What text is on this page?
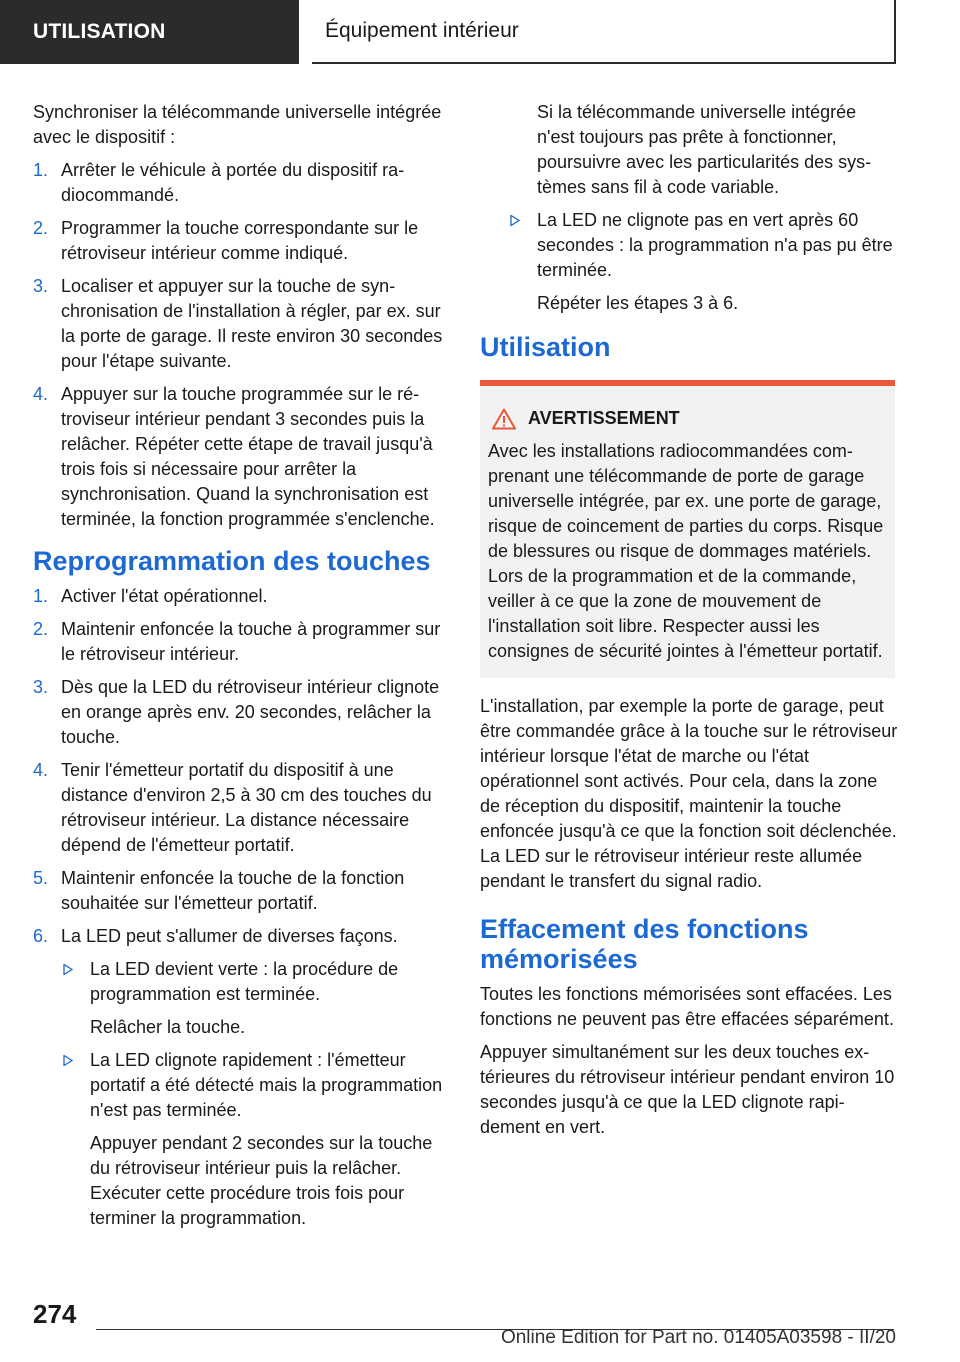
UTILISATION	Équipement intérieur

Synchroniser la télécommande universelle intégrée avec le dispositif :

1. Arrêter le véhicule à portée du dispositif radiocommandé.
2. Programmer la touche correspondante sur le rétroviseur intérieur comme indiqué.
3. Localiser et appuyer sur la touche de synchronisation de l'installation à régler, par ex. sur la porte de garage. Il reste environ 30 secondes pour l'étape suivante.
4. Appuyer sur la touche programmée sur le rétroviseur intérieur pendant 3 secondes puis la relâcher. Répéter cette étape de travail jusqu'à trois fois si nécessaire pour arrêter la synchronisation. Quand la synchronisation est terminée, la fonction programmée s'enclenche.
Reprogrammation des touches
1. Activer l'état opérationnel.
2. Maintenir enfoncée la touche à programmer sur le rétroviseur intérieur.
3. Dès que la LED du rétroviseur intérieur clignote en orange après env. 20 secondes, relâcher la touche.
4. Tenir l'émetteur portatif du dispositif à une distance d'environ 2,5 à 30 cm des touches du rétroviseur intérieur. La distance nécessaire dépend de l'émetteur portatif.
5. Maintenir enfoncée la touche de la fonction souhaitée sur l'émetteur portatif.
6. La LED peut s'allumer de diverses façons.
La LED devient verte : la procédure de programmation est terminée.

Relâcher la touche.

La LED clignote rapidement : l'émetteur portatif a été détecté mais la programmation n'est pas terminée.

Appuyer pendant 2 secondes sur la touche du rétroviseur intérieur puis la relâcher. Exécuter cette procédure trois fois pour terminer la programmation.

Si la télécommande universelle intégrée n'est toujours pas prête à fonctionner, poursuivre avec les particularités des systèmes sans fil à code variable.

La LED ne clignote pas en vert après 60 secondes : la programmation n'a pas pu être terminée.

Répéter les étapes 3 à 6.

Utilisation
AVERTISSEMENT
Avec les installations radiocommandées comprenant une télécommande de porte de garage universelle intégrée, par ex. une porte de garage, risque de coincement de parties du corps. Risque de blessures ou risque de dommages matériels. Lors de la programmation et de la commande, veiller à ce que la zone de mouvement de l'installation soit libre. Respecter aussi les consignes de sécurité jointes à l'émetteur portatif.

L'installation, par exemple la porte de garage, peut être commandée grâce à la touche sur le rétroviseur intérieur lorsque l'état de marche ou l'état opérationnel sont activés. Pour cela, dans la zone de réception du dispositif, maintenir la touche enfoncée jusqu'à ce que la fonction soit déclenchée. La LED sur le rétroviseur intérieur reste allumée pendant le transfert du signal radio.

Effacement des fonctions mémorisées

Toutes les fonctions mémorisées sont effacées. Les fonctions ne peuvent pas être effacées séparément.

Appuyer simultanément sur les deux touches extérieures du rétroviseur intérieur pendant environ 10 secondes jusqu'à ce que la LED clignote rapidement en vert.

274
Online Edition for Part no. 01405A03598 - II/20
